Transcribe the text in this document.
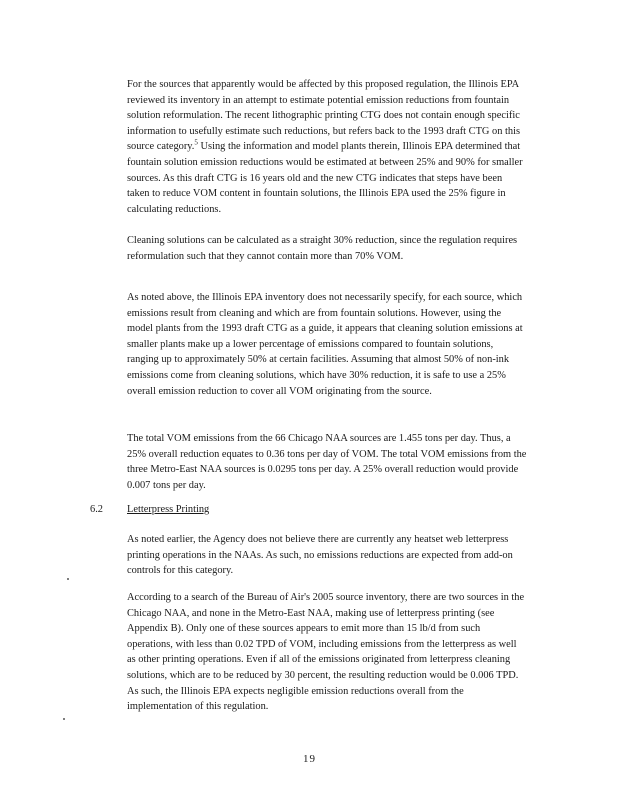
For the sources that apparently would be affected by this proposed regulation, the Illinois EPA reviewed its inventory in an attempt to estimate potential emission reductions from fountain solution reformulation. The recent lithographic printing CTG does not contain enough specific information to usefully estimate such reductions, but refers back to the 1993 draft CTG on this source category.$^5$ Using the information and model plants therein, Illinois EPA determined that fountain solution emission reductions would be estimated at between 25% and 90% for smaller sources. As this draft CTG is 16 years old and the new CTG indicates that steps have been taken to reduce VOM content in fountain solutions, the Illinois EPA used the 25% figure in calculating reductions.

Cleaning solutions can be calculated as a straight 30% reduction, since the regulation requires reformulation such that they cannot contain more than 70% VOM.

As noted above, the Illinois EPA inventory does not necessarily specify, for each source, which emissions result from cleaning and which are from fountain solutions. However, using the model plants from the 1993 draft CTG as a guide, it appears that cleaning solution emissions at smaller plants make up a lower percentage of emissions compared to fountain solutions, ranging up to approximately 50% at certain facilities. Assuming that almost 50% of non-ink emissions come from cleaning solutions, which have 30% reduction, it is safe to use a 25% overall emission reduction to cover all VOM originating from the source.

The total VOM emissions from the 66 Chicago NAA sources are 1.455 tons per day. Thus, a 25% overall reduction equates to 0.36 tons per day of VOM. The total VOM emissions from the three Metro-East NAA sources is 0.0295 tons per day. A 25% overall reduction would provide 0.007 tons per day.

6.2 Letterpress Printing

As noted earlier, the Agency does not believe there are currently any heatset web letterpress printing operations in the NAAs. As such, no emissions reductions are expected from add-on controls for this category.

According to a search of the Bureau of Air's 2005 source inventory, there are two sources in the Chicago NAA, and none in the Metro-East NAA, making use of letterpress printing (see Appendix B). Only one of these sources appears to emit more than 15 lb/d from such operations, with less than 0.02 TPD of VOM, including emissions from the letterpress as well as other printing operations. Even if all of the emissions originated from letterpress cleaning solutions, which are to be reduced by 30 percent, the resulting reduction would be 0.006 TPD. As such, the Illinois EPA expects negligible emission reductions overall from the implementation of this regulation.

19
